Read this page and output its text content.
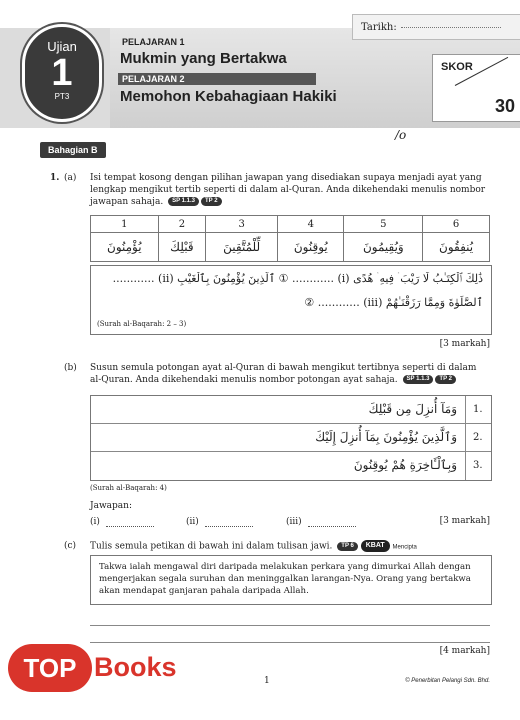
Tarikh:
Ujian
1
PT3
PELAJARAN 1
Mukmin yang Bertakwa
PELAJARAN 2
Memohon Kebahagiaan Hakiki
SKOR
30
/o
Bahagian B
1. (a) Isi tempat kosong dengan pilihan jawapan yang disediakan supaya menjadi ayat yang lengkap mengikut tertib seperti di dalam al-Quran. Anda dikehendaki menulis nombor jawapan sahaja. SP 1.1.3 TP 2
1	2	3	4	5	6
يُؤْمِنُونَ	قَبْلِكَ	لِّلْمُتَّقِينَ	يُوقِنُونَ	وَيُقِيمُونَ	يُنفِقُونَ
ذَٰلِكَ ٱلْكِتَـٰبُ لَا رَيْبَ ۛ فِيهِ ۛ هُدًى (i) ............ ① ٱلَّذِينَ يُؤْمِنُونَ بِٱلْغَيْبِ (ii) ............
ٱلصَّلَوٰةَ وَمِمَّا رَزَقْنَـٰهُمْ (iii) ............ ②
(Surah al-Baqarah: 2 – 3)
[3 markah]
(b) Susun semula potongan ayat al-Quran di bawah mengikut tertibnya seperti di dalam al-Quran. Anda dikehendaki menulis nombor potongan ayat sahaja. SP 1.1.3 TP 2
وَمَآ أُنزِلَ مِن قَبْلِكَ 1.
وَٱلَّذِينَ يُؤْمِنُونَ بِمَآ أُنزِلَ إِلَيْكَ 2.
وَبِٱلْـَٔاخِرَةِ هُمْ يُوقِنُونَ 3.
(Surah al-Baqarah: 4)
Jawapan:
(i)	(ii)	(iii)	[3 markah]
(c) Tulis semula petikan di bawah ini dalam tulisan jawi. TP 6 KBAT Mencipta
Takwa ialah mengawal diri daripada melakukan perkara yang dimurkai Allah dengan mengerjakan segala suruhan dan meninggalkan larangan-Nya. Orang yang bertakwa akan mendapat ganjaran pahala daripada Allah.
[4 markah]
1	© Penerbitan Pelangi Sdn. Bhd.
TOP Books
